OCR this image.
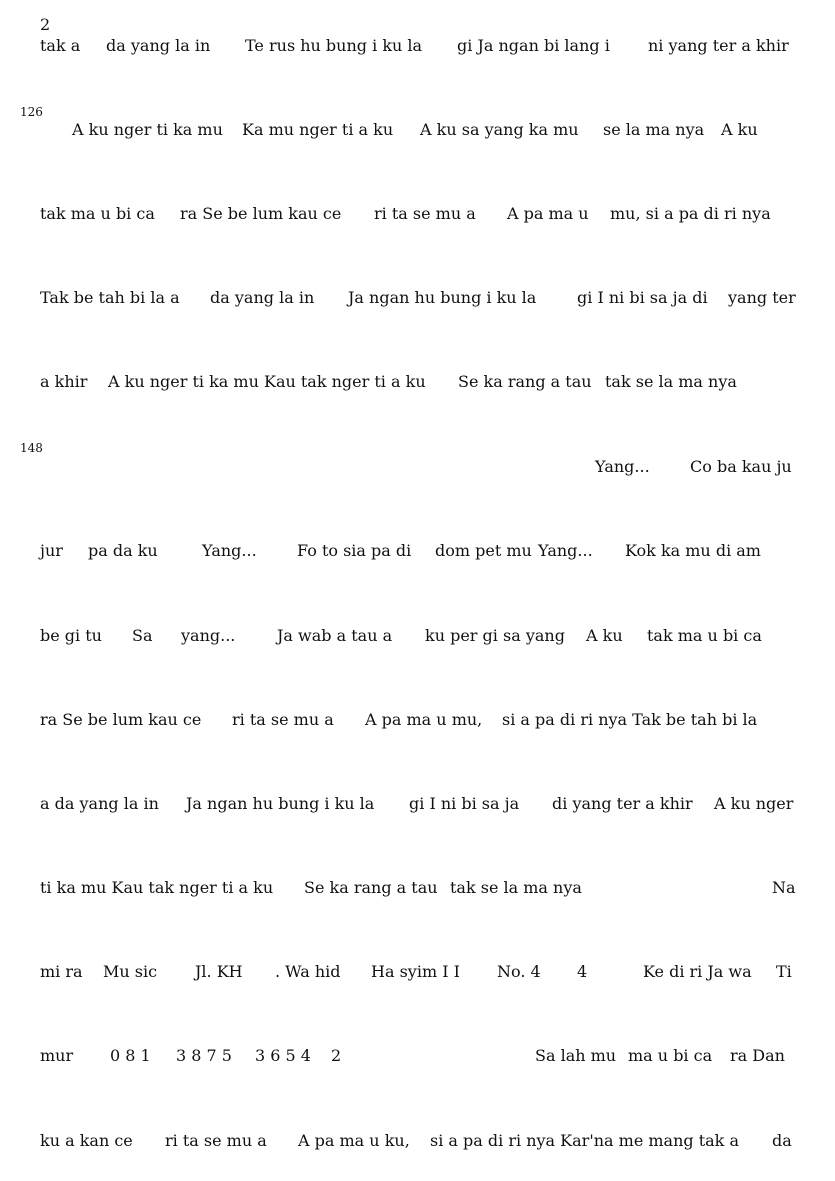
2
126
148
tak a da yang la in Te rus hu bung i ku la gi Ja ngan bi lang i ni yang ter a khir
A ku nger ti ka mu Ka mu nger ti a ku A ku sa yang ka mu se la ma nya A ku
tak ma u bi ca ra Se be lum kau ce ri ta se mu a A pa ma u mu, si a pa di ri nya
Tak be tah bi la a da yang la in Ja ngan hu bung i ku la	gi I ni bi sa ja di yang ter
a khir A ku nger ti ka mu Kau tak nger ti a ku Se ka rang a tau tak se la ma nya
Yang...	Co ba kau ju
jur pa da ku	Yang...	Fo to sia pa di dom pet mu Yang... Kok ka mu di am
be gi tu Sa yang...	Ja wab a tau a ku per gi sa yang A ku tak ma u bi ca
ra Se be lum kau ce ri ta se mu a A pa ma u mu, si a pa di ri nya Tak be tah bi la
a da yang la in Ja ngan hu bung i ku la gi I ni bi sa ja di yang ter a khir A ku nger
ti ka mu Kau tak nger ti a ku Se ka rang a tau tak se la ma nya	Na
mi ra Mu sic Jl. KH . Wa hid Ha syim I I No. 4 4	Ke di ri Ja wa Ti
mur 0 8 1 3 8 7 5 3 6 5 4 2	Sa lah mu ma u bi ca ra Dan
ku a kan ce ri ta se mu a A pa ma u ku, si a pa di ri nya Kar'na me mang tak a da
